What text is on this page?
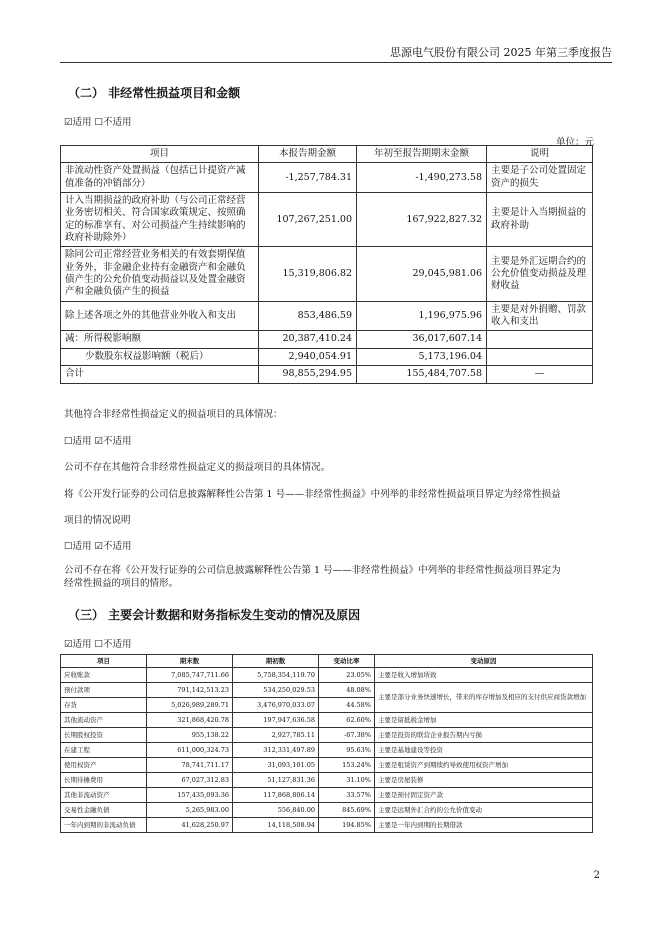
思源电气股份有限公司 2025 年第三季度报告
（二） 非经常性损益项目和金额
☑适用 ☐不适用
单位：元
项目	本报告期金额	年初至报告期期末金额	说明
非流动性资产处置损益（包括已计提资产减值准备的冲销部分）	-1,257,784.31	-1,490,273.58	主要是子公司处置固定资产的损失
计入当期损益的政府补助（与公司正常经营业务密切相关、符合国家政策规定、按照确定的标准享有、对公司损益产生持续影响的政府补助除外）	107,267,251.00	167,922,827.32	主要是计入当期损益的政府补助
除同公司正常经营业务相关的有效套期保值业务外，非金融企业持有金融资产和金融负债产生的公允价值变动损益以及处置金融资产和金融负债产生的损益	15,319,806.82	29,045,981.06	主要是外汇远期合约的公允价值变动损益及理财收益
除上述各项之外的其他营业外收入和支出	853,486.59	1,196,975.96	主要是对外捐赠、罚款收入和支出
减：所得税影响额	20,387,410.24	36,017,607.14	
少数股东权益影响额（税后）	2,940,054.91	5,173,196.04	
合计	98,855,294.95	155,484,707.58	—
其他符合非经常性损益定义的损益项目的具体情况：
☐适用 ☑不适用
公司不存在其他符合非经常性损益定义的损益项目的具体情况。
将《公开发行证券的公司信息披露解释性公告第 1 号——非经常性损益》中列举的非经常性损益项目界定为经常性损益
项目的情况说明
☐适用 ☑不适用
公司不存在将《公开发行证券的公司信息披露解释性公告第 1 号——非经常性损益》中列举的非经常性损益项目界定为
经常性损益的项目的情形。
（三） 主要会计数据和财务指标发生变动的情况及原因
☑适用 ☐不适用
项目	期末数	期初数	变动比率	变动原因
应收账款	7,085,747,711.66	5,758,354,119.70	23.05%	主要是收入增加所致
预付款项	791,142,513.23	534,250,029.53	48.08%	主要是部分业务快速增长，带来的库存增加及相应的支付供应商货款增加
存货	5,026,989,289.71	3,476,970,033.07	44.58%	
其他流动资产	321,868,420.78	197,947,636.58	62.60%	主要是留抵税金增加
长期股权投资	955,138.22	2,927,785.11	-67.38%	主要是投资的联营企业报告期内亏损
在建工程	611,000,324.73	312,331,497.89	95.63%	主要是基地建设等投资
使用权资产	78,741,711.17	31,093,101.05	153.24%	主要是租赁资产到期续约导致使用权资产增加
长期待摊费用	67,027,312.83	51,127,831.36	31.10%	主要是房屋装修
其他非流动资产	157,435,093.36	117,868,806.14	33.57%	主要是预付固定资产款
交易性金融负债	5,265,983.00	556,840.00	845.69%	主要是远期外汇合约的公允价值变动
一年内到期的非流动负债	41,628,250.97	14,118,508.94	194.85%	主要是一年内到期的长期借款
2
